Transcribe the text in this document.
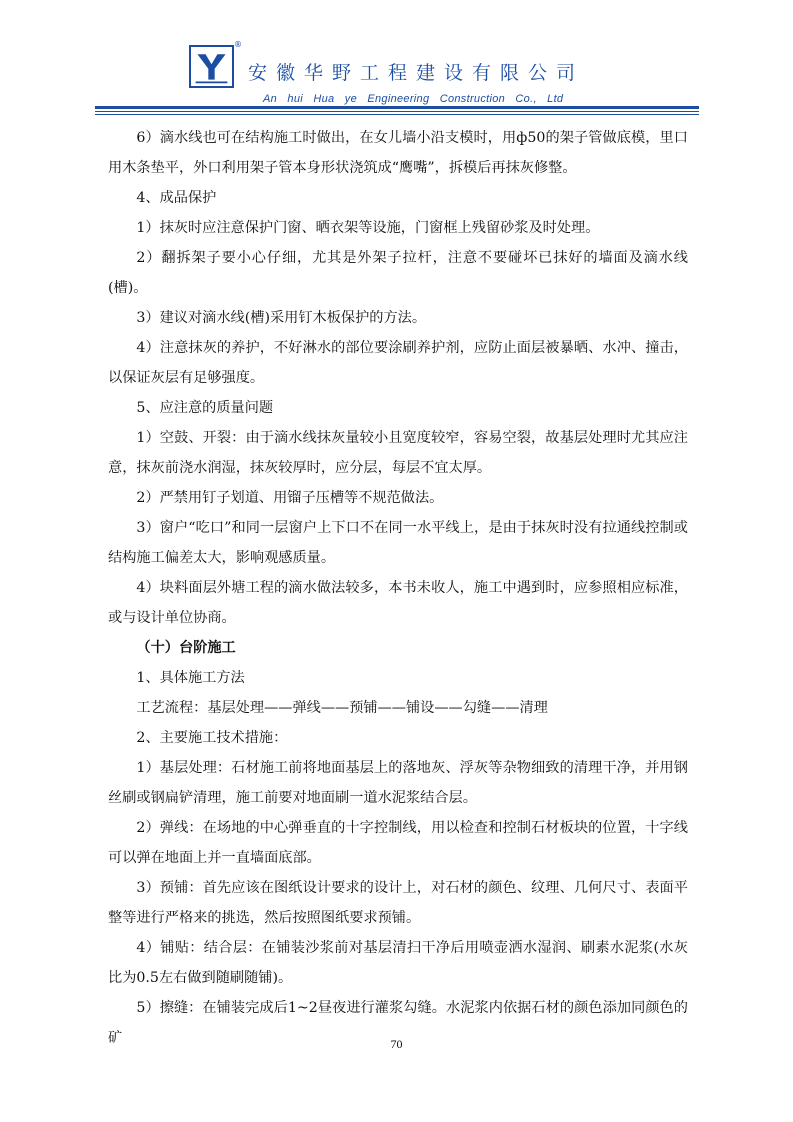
®
安徽华野工程建设有限公司
An hui Hua ye Engineering Construction Co., Ltd

6）滴水线也可在结构施工时做出，在女儿墙小沿支模时，用ф50的架子管做底模，里口用木条垫平，外口利用架子管本身形状浇筑成“鹰嘴”，拆模后再抹灰修整。

4、成品保护

1）抹灰时应注意保护门窗、晒衣架等设施，门窗框上残留砂浆及时处理。

2）翻拆架子要小心仔细，尤其是外架子拉杆，注意不要碰坏已抹好的墙面及滴水线(槽)。

3）建议对滴水线(槽)采用钉木板保护的方法。

4）注意抹灰的养护，不好淋水的部位要涂刷养护剂，应防止面层被暴晒、水冲、撞击，以保证灰层有足够强度。

5、应注意的质量问题

1）空鼓、开裂：由于滴水线抹灰量较小且宽度较窄，容易空裂，故基层处理时尤其应注意，抹灰前浇水润湿，抹灰较厚时，应分层，每层不宜太厚。

2）严禁用钉子划道、用镏子压槽等不规范做法。

3）窗户“吃口”和同一层窗户上下口不在同一水平线上，是由于抹灰时没有拉通线控制或结构施工偏差太大，影响观感质量。

4）块料面层外塘工程的滴水做法较多，本书未收人，施工中遇到时，应参照相应标准，或与设计单位协商。

（十）台阶施工

1、具体施工方法

工艺流程：基层处理——弹线——预铺——铺设——勾缝——清理

2、主要施工技术措施：

1）基层处理：石材施工前将地面基层上的落地灰、浮灰等杂物细致的清理干净，并用钢丝刷或钢扁铲清理，施工前要对地面刷一道水泥浆结合层。

2）弹线：在场地的中心弹垂直的十字控制线，用以检查和控制石材板块的位置，十字线可以弹在地面上并一直墙面底部。

3）预铺：首先应该在图纸设计要求的设计上，对石材的颜色、纹理、几何尺寸、表面平整等进行严格来的挑选，然后按照图纸要求预铺。

4）铺贴：结合层：在铺装沙浆前对基层清扫干净后用喷壶洒水湿润、刷素水泥浆(水灰比为0.5左右做到随刷随铺)。

5）擦缝：在铺装完成后1~2昼夜进行灌浆勾缝。水泥浆内依据石材的颜色添加同颜色的矿	70
